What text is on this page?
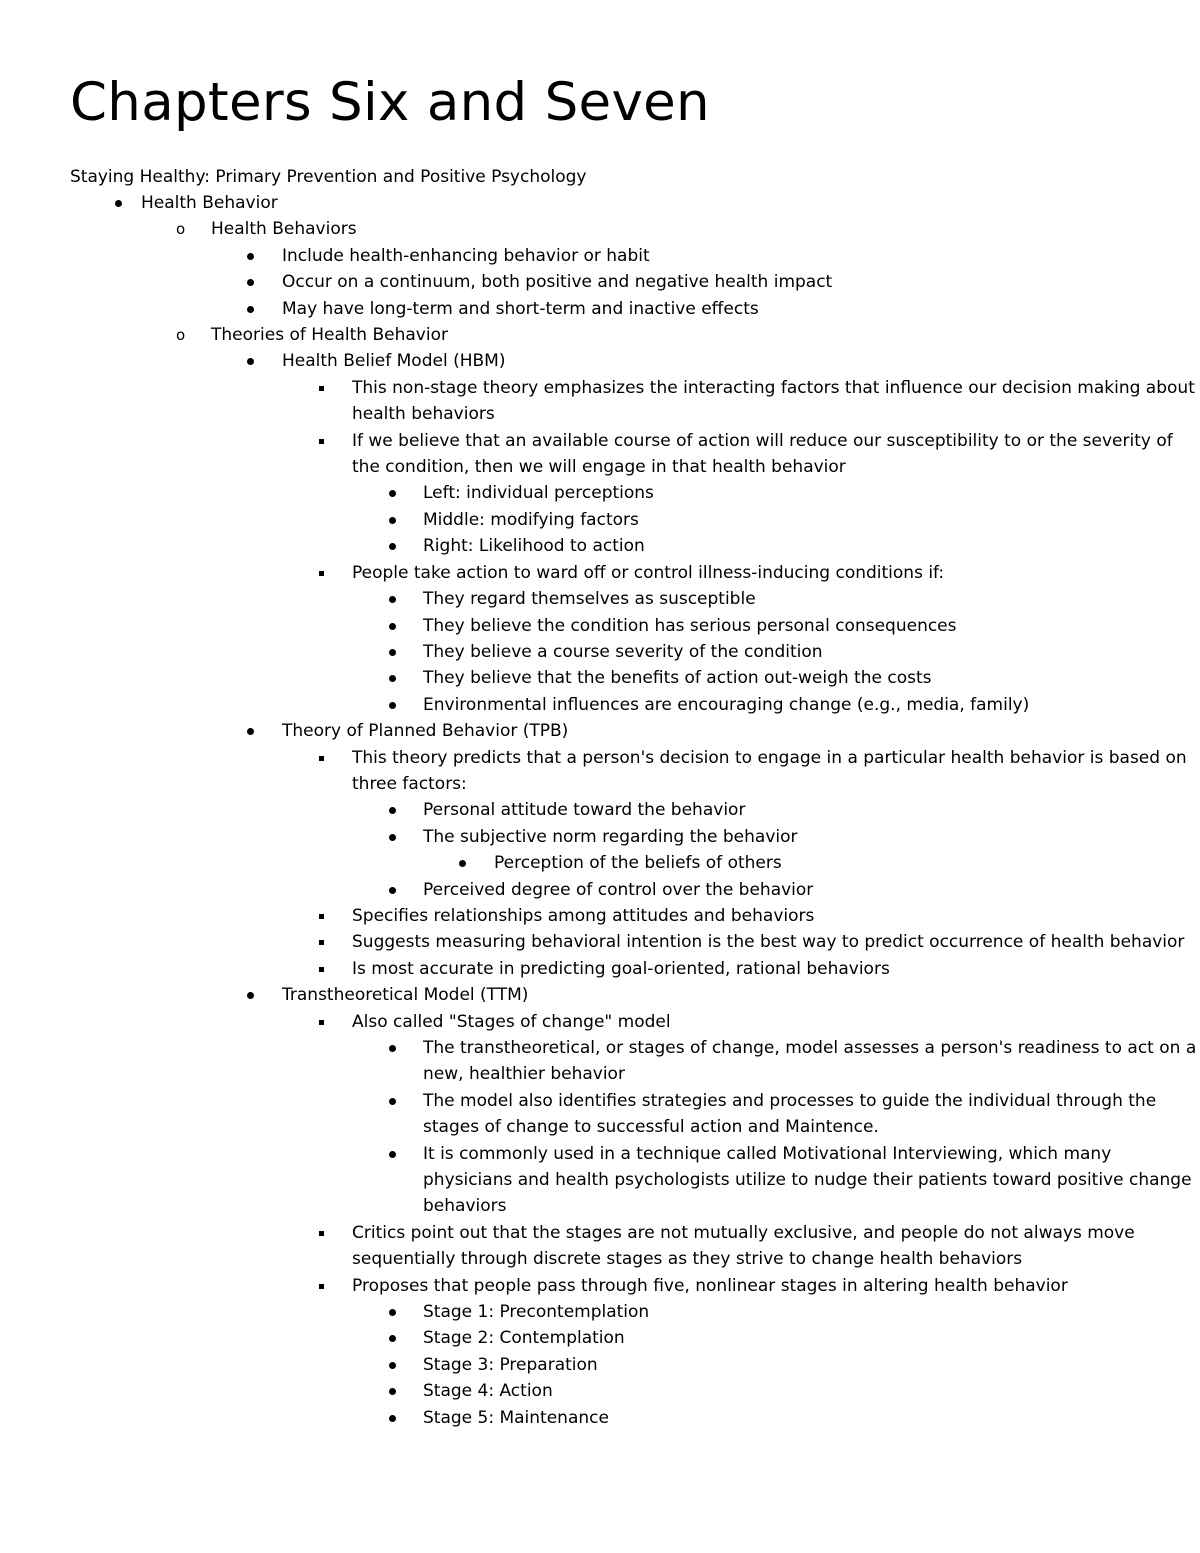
Chapters Six and Seven

Staying Healthy: Primary Prevention and Positive Psychology

Health Behavior
o Health Behaviors
Include health-enhancing behavior or habit
Occur on a continuum, both positive and negative health impact
May have long-term and short-term and inactive effects
o Theories of Health Behavior
Health Belief Model (HBM)
This non-stage theory emphasizes the interacting factors that influence our decision making about health behaviors
If we believe that an available course of action will reduce our susceptibility to or the severity of the condition, then we will engage in that health behavior
Left: individual perceptions
Middle: modifying factors
Right: Likelihood to action
People take action to ward off or control illness-inducing conditions if:
They regard themselves as susceptible
They believe the condition has serious personal consequences
They believe a course severity of the condition
They believe that the benefits of action out-weigh the costs
Environmental influences are encouraging change (e.g., media, family)
Theory of Planned Behavior (TPB)
This theory predicts that a person's decision to engage in a particular health behavior is based on three factors:
Personal attitude toward the behavior
The subjective norm regarding the behavior
Perception of the beliefs of others
Perceived degree of control over the behavior
Specifies relationships among attitudes and behaviors
Suggests measuring behavioral intention is the best way to predict occurrence of health behavior
Is most accurate in predicting goal-oriented, rational behaviors
Transtheoretical Model (TTM)
Also called "Stages of change" model
The transtheoretical, or stages of change, model assesses a person's readiness to act on a new, healthier behavior
The model also identifies strategies and processes to guide the individual through the stages of change to successful action and Maintence.
It is commonly used in a technique called Motivational Interviewing, which many physicians and health psychologists utilize to nudge their patients toward positive change behaviors
Critics point out that the stages are not mutually exclusive, and people do not always move sequentially through discrete stages as they strive to change health behaviors
Proposes that people pass through five, nonlinear stages in altering health behavior
Stage 1: Precontemplation
Stage 2: Contemplation
Stage 3: Preparation
Stage 4: Action
Stage 5: Maintenance
